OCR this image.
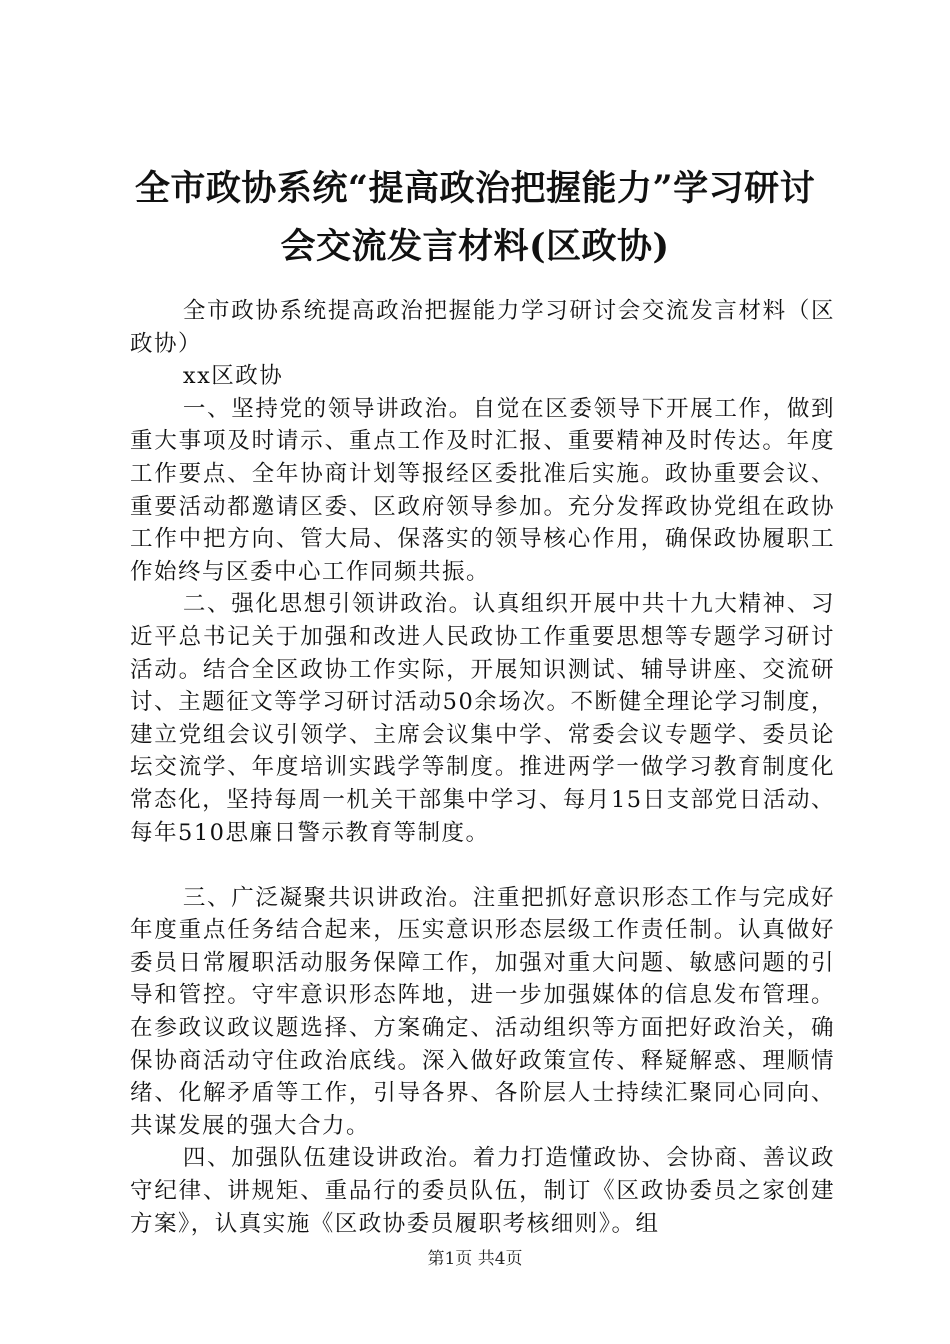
全市政协系统“提高政治把握能力”学习研讨
会交流发言材料(区政协)

全市政协系统提高政治把握能力学习研讨会交流发言材料（区政协）

xx区政协

一、坚持党的领导讲政治。自觉在区委领导下开展工作，做到重大事项及时请示、重点工作及时汇报、重要精神及时传达。年度工作要点、全年协商计划等报经区委批准后实施。政协重要会议、重要活动都邀请区委、区政府领导参加。充分发挥政协党组在政协工作中把方向、管大局、保落实的领导核心作用，确保政协履职工作始终与区委中心工作同频共振。

二、强化思想引领讲政治。认真组织开展中共十九大精神、习近平总书记关于加强和改进人民政协工作重要思想等专题学习研讨活动。结合全区政协工作实际，开展知识测试、辅导讲座、交流研讨、主题征文等学习研讨活动50余场次。不断健全理论学习制度，建立党组会议引领学、主席会议集中学、常委会议专题学、委员论坛交流学、年度培训实践学等制度。推进两学一做学习教育制度化常态化，坚持每周一机关干部集中学习、每月15日支部党日活动、每年510思廉日警示教育等制度。

三、广泛凝聚共识讲政治。注重把抓好意识形态工作与完成好年度重点任务结合起来，压实意识形态层级工作责任制。认真做好委员日常履职活动服务保障工作，加强对重大问题、敏感问题的引导和管控。守牢意识形态阵地，进一步加强媒体的信息发布管理。在参政议政议题选择、方案确定、活动组织等方面把好政治关，确保协商活动守住政治底线。深入做好政策宣传、释疑解惑、理顺情绪、化解矛盾等工作，引导各界、各阶层人士持续汇聚同心同向、共谋发展的强大合力。

四、加强队伍建设讲政治。着力打造懂政协、会协商、善议政守纪律、讲规矩、重品行的委员队伍，制订《区政协委员之家创建方案》，认真实施《区政协委员履职考核细则》。组

第1页 共4页
